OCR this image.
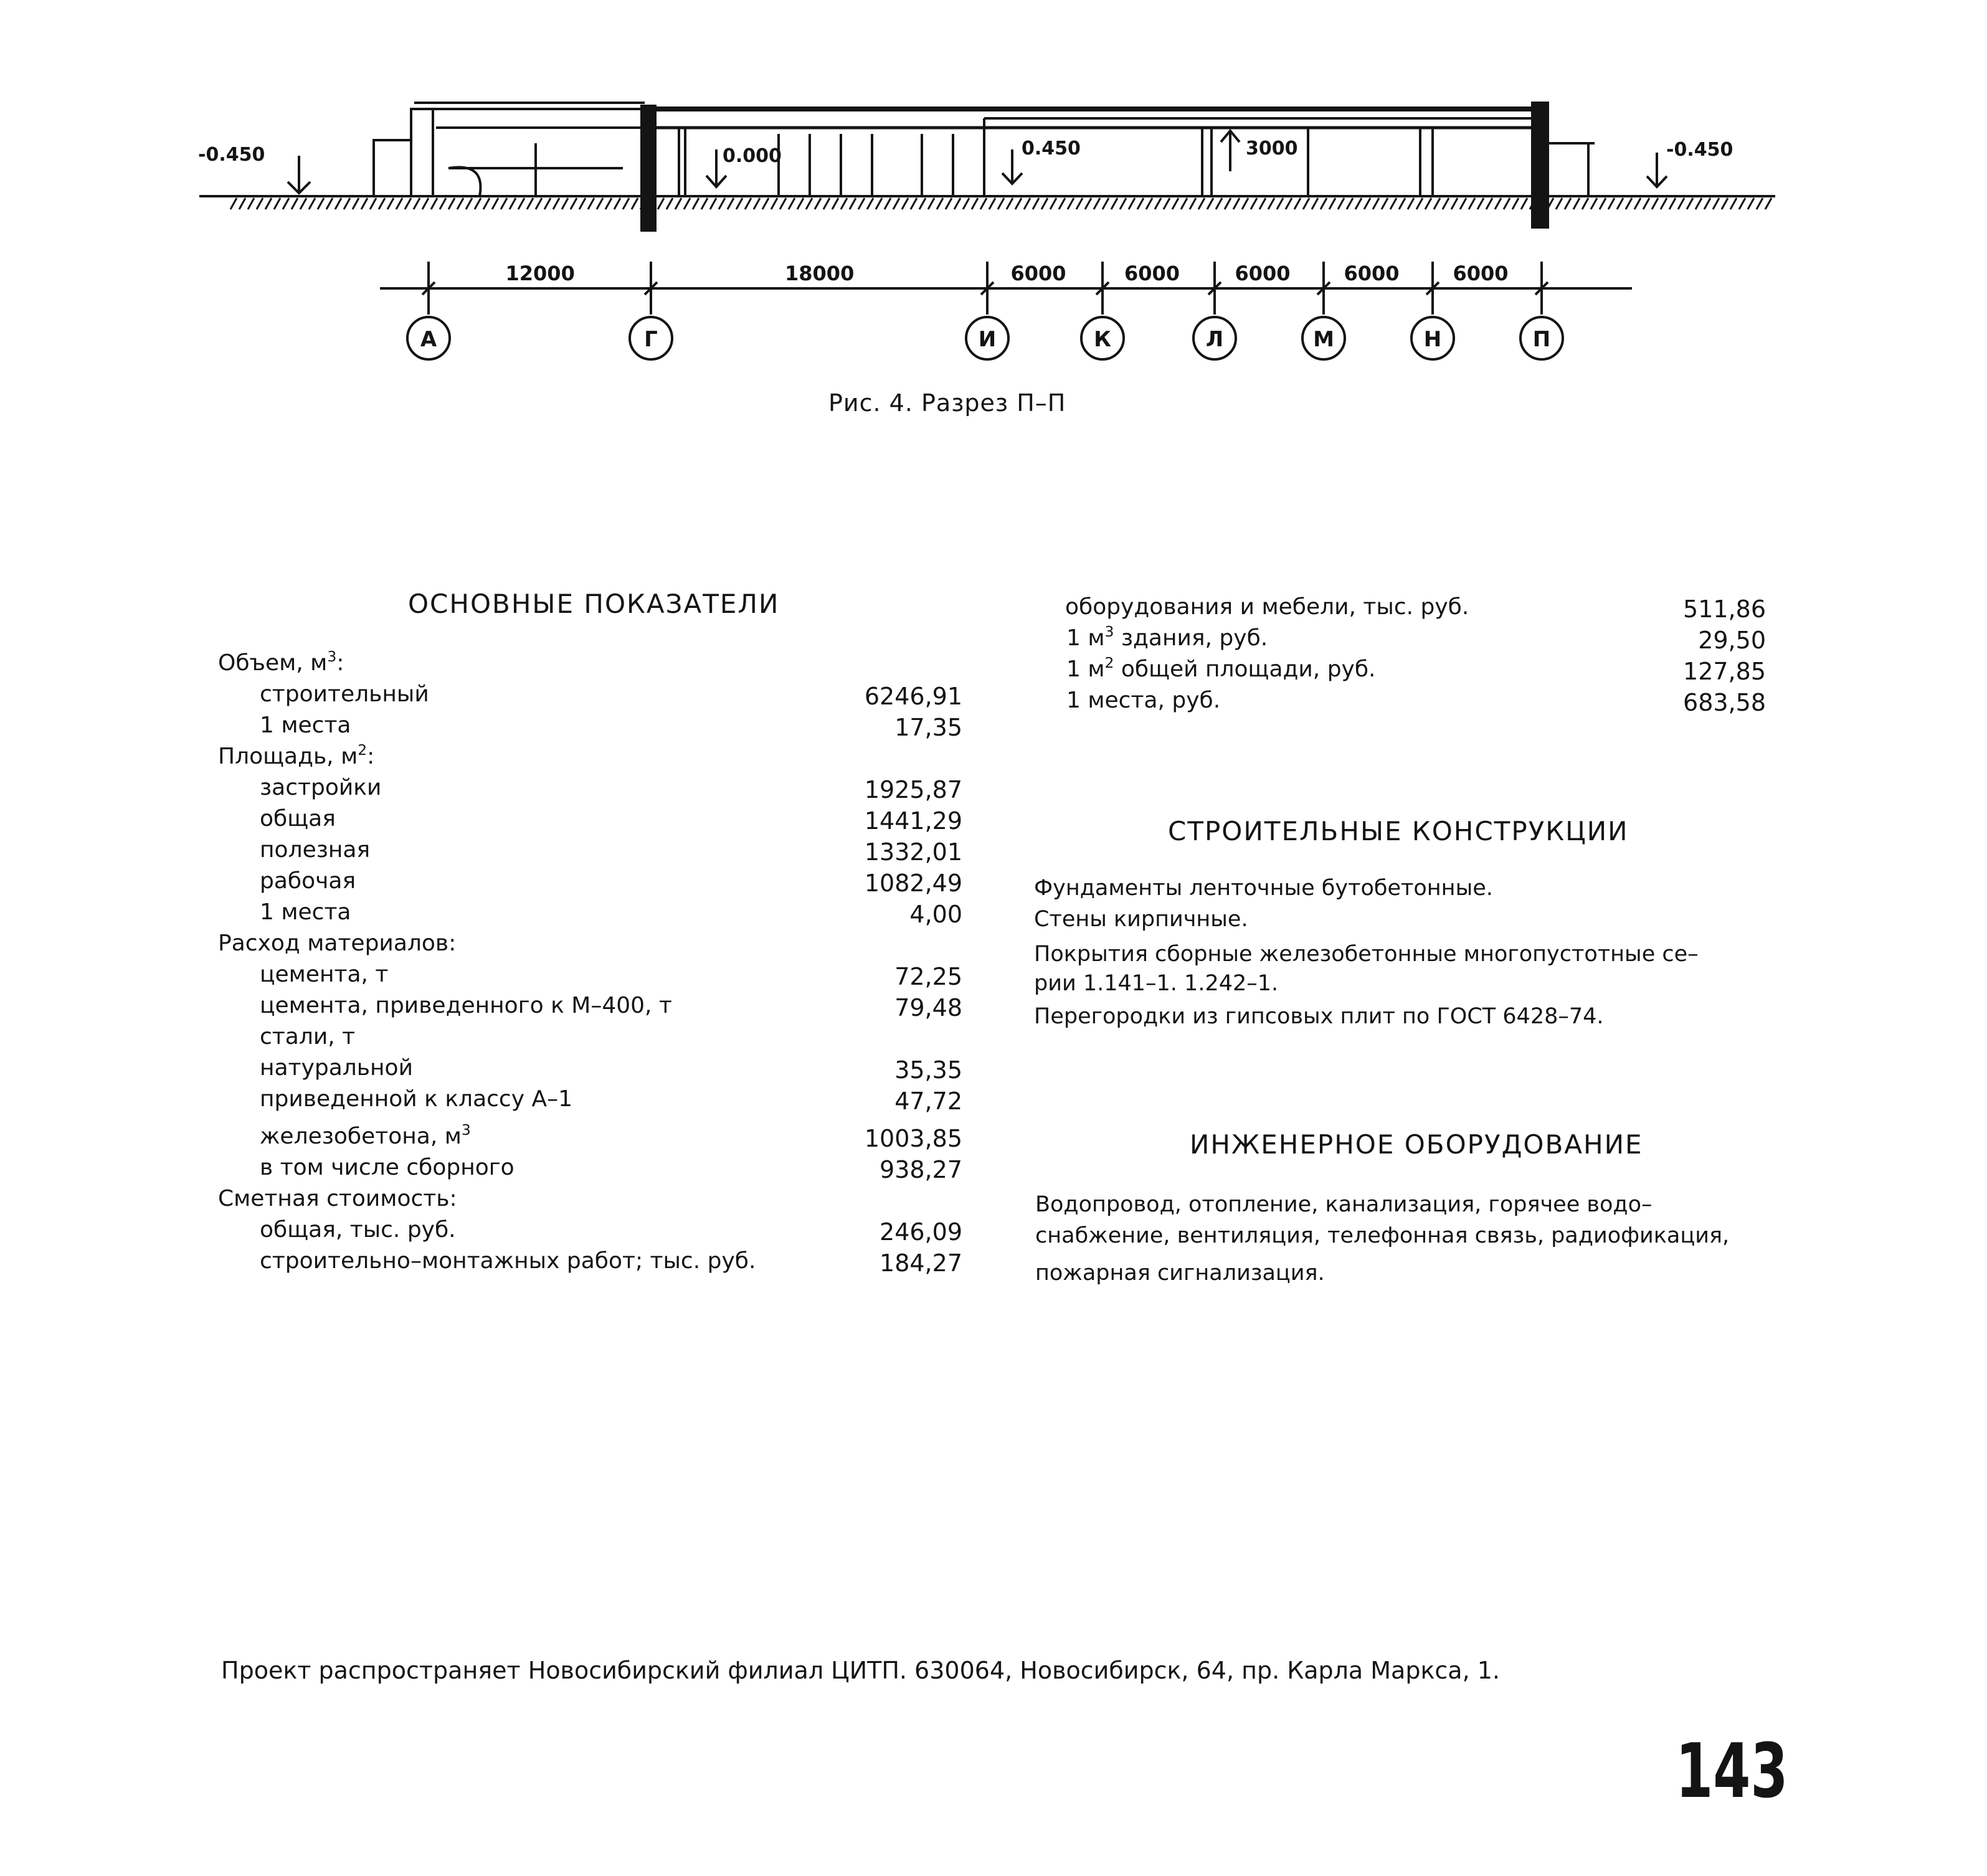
-0.450	0.000	0.450	3000	-0.450
12000	18000	6000	6000	6000	6000	6000
А	Г	И	К	Л	М	Н	П
Рис. 4. Разрез П–П
ОСНОВНЫЕ ПОКАЗАТЕЛИ
Объем, $м^3$:
строительный	6246,91
1 места	17,35
Площадь, $м^2$:
застройки	1925,87
общая	1441,29
полезная	1332,01
рабочая	1082,49
1 места	4,00
Расход материалов:
цемента, т	72,25
цемента, приведенного к М–400, т	79,48
стали, т
натуральной	35,35
приведенной к классу А–1	47,72
железобетона, $м^3$	1003,85
в том числе сборного	938,27
Сметная стоимость:
общая, тыс. руб.	246,09
строительно–монтажных работ; тыс. руб.	184,27
оборудования и мебели, тыс. руб.	511,86
1 $м^3$ здания, руб.	29,50
1 $м^2$ общей площади, руб.	127,85
1 места, руб.	683,58
СТРОИТЕЛЬНЫЕ КОНСТРУКЦИИ
Фундаменты ленточные бутобетонные.
Стены кирпичные.
Покрытия сборные железобетонные многопустотные се–
рии 1.141–1. 1.242–1.
Перегородки из гипсовых плит по ГОСТ 6428–74.
ИНЖЕНЕРНОЕ ОБОРУДОВАНИЕ
Водопровод, отопление, канализация, горячее водо–
снабжение, вентиляция, телефонная связь, радиофикация,
пожарная сигнализация.
Проект распространяет Новосибирский филиал ЦИТП. 630064, Новосибирск, 64, пр. Карла Маркса, 1.
143
